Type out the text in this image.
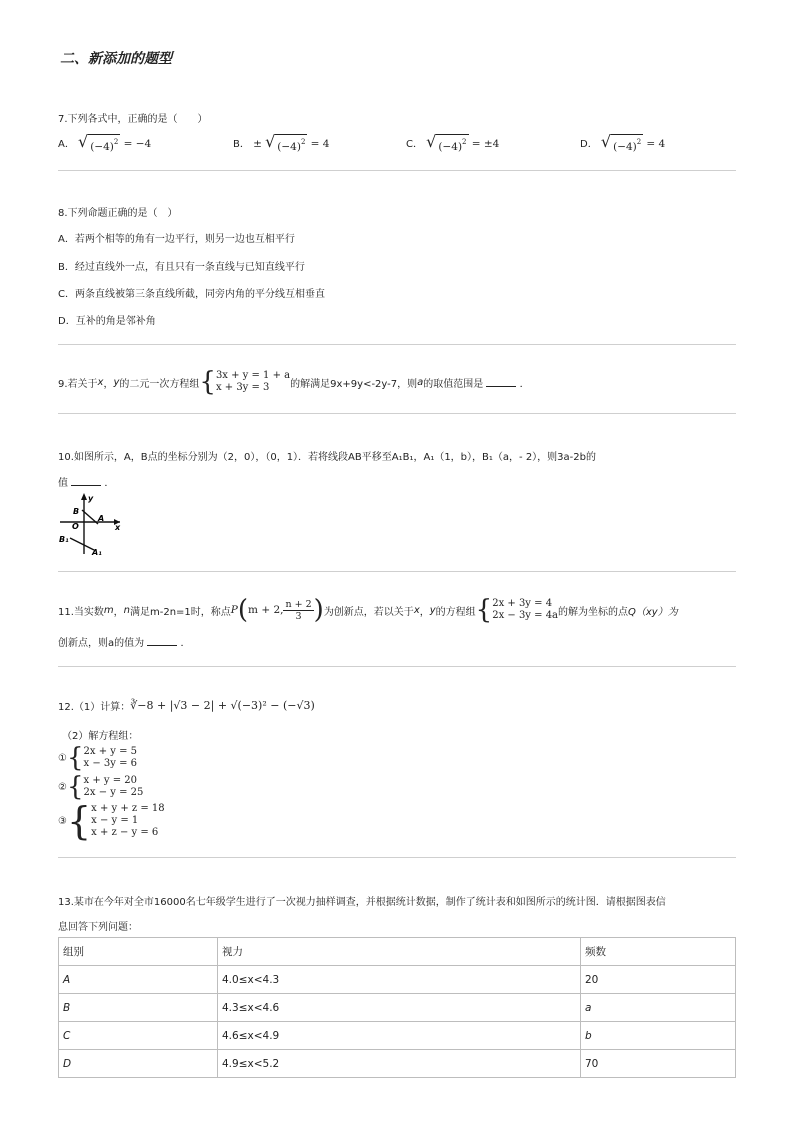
二、新添加的题型
7.下列各式中，正确的是（　　）
A． √ $(-4)^2 = -4$	B． ± √ $(-4)^2 = 4$	C． √ $(-4)^2 = \pm 4$	D． √ $(-4)^2 = 4$
8.下列命题正确的是（　）
A．若两个相等的角有一边平行，则另一边也互相平行
B．经过直线外一点，有且只有一条直线与已知直线平行
C．两条直线被第三条直线所截，同旁内角的平分线互相垂直
D．互补的角是邻补角
9.若关于 x ， y 的二元一次方程组 { 3x + y = 1 + a
x + 3y = 3	的解满足9x+9y<-2y-7，则 a 的取值范围是

	．
10.如图所示，A，B点的坐标分别为（2，0），（0，1）．若将线段AB平移至A₁B₁，A₁（1，b），B₁（a，- 2），则3a-2b的
值	．
y
x
O
A
B
B₁
A₁
11.当实数 m ， n 满足m-2n=1时，称点 P ( m + 2, $\frac{n + 2}{3}$ ) 为创新点，若以关于 x ， y 的方程组 { 2x + 3y = 4
2x − 3y = 4a 的解为坐标的点 Q（xy）为
创新点，则a的值为	．
12.（1）计算： ∛−8 + |√3 − 2| + √(−3)² − (−√3)
（2）解方程组：
① { 2x + y = 5
x − 3y = 6
② { x + y = 20
2x − y = 25
③ { x + y + z = 18
x − y = 1
x + z − y = 6
13.某市在今年对全市16000名七年级学生进行了一次视力抽样调查，并根据统计数据，制作了统计表和如图所示的统计图．请根据图表信
息回答下列问题：
组别	视力	频数
A	4.0≤x<4.3	20
B	4.3≤x<4.6	a
C	4.6≤x<4.9	b
D	4.9≤x<5.2	70
